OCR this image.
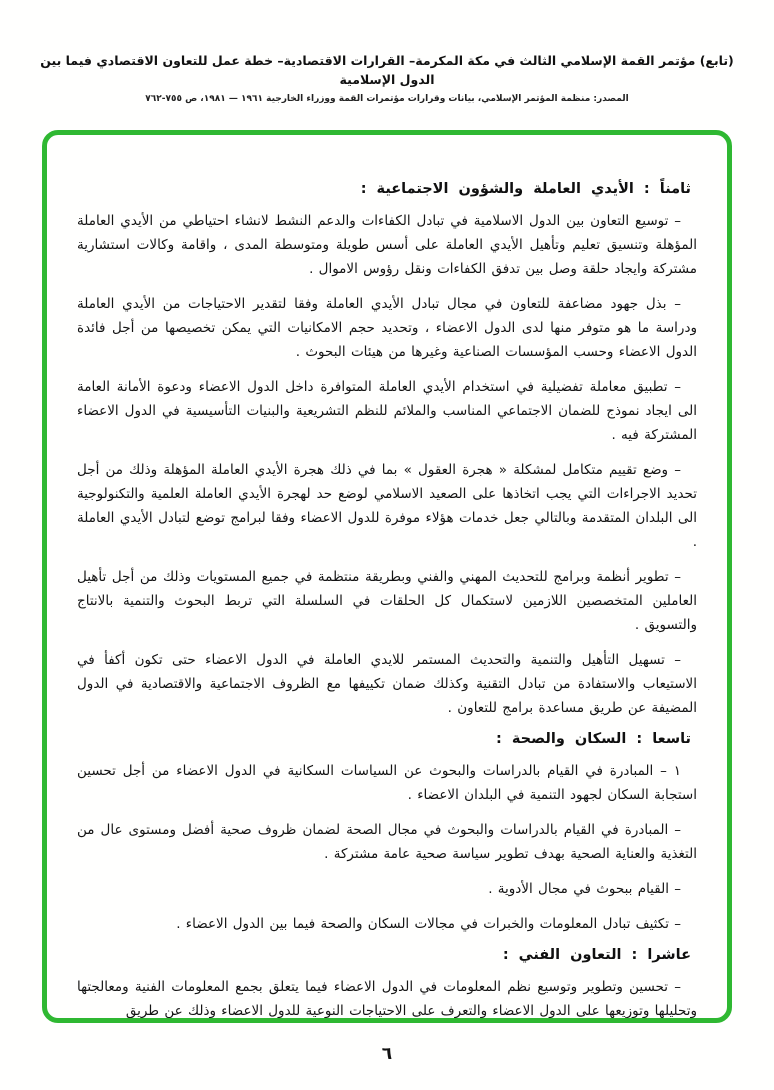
(تابع) مؤتمر القمة الإسلامي الثالث في مكة المكرمة– القرارات الاقتصادية– خطة عمل للتعاون الاقتصادي فيما بين الدول الإسلامية
المصدر: منظمة المؤتمر الإسلامي، بيانات وقرارات مؤتمرات القمة ووزراء الخارجية ١٩٦١ — ١٩٨١، ص ٧٥٥-٧٦٢
ثامناً : الأيدي العاملة والشؤون الاجتماعية :

– توسيع التعاون بين الدول الاسلامية في تبادل الكفاءات والدعم النشط لانشاء احتياطي من الأيدي العاملة المؤهلة وتنسيق تعليم وتأهيل الأيدي العاملة على أسس طويلة ومتوسطة المدى ، واقامة وكالات استشارية مشتركة وايجاد حلقة وصل بين تدفق الكفاءات ونقل رؤوس الاموال .

– بذل جهود مضاعفة للتعاون في مجال تبادل الأيدي العاملة وفقا لتقدير الاحتياجات من الأيدي العاملة ودراسة ما هو متوفر منها لدى الدول الاعضاء ، وتحديد حجم الامكانيات التي يمكن تخصيصها من أجل فائدة الدول الاعضاء وحسب المؤسسات الصناعية وغيرها من هيئات البحوث .

– تطبيق معاملة تفضيلية في استخدام الأيدي العاملة المتوافرة داخل الدول الاعضاء ودعوة الأمانة العامة الى ايجاد نموذج للضمان الاجتماعي المناسب والملائم للنظم التشريعية والبنيات التأسيسية في الدول الاعضاء المشتركة فيه .

– وضع تقييم متكامل لمشكلة « هجرة العقول » بما في ذلك هجرة الأيدي العاملة المؤهلة وذلك من أجل تحديد الاجراءات التي يجب اتخاذها على الصعيد الاسلامي لوضع حد لهجرة الأيدي العاملة العلمية والتكنولوجية الى البلدان المتقدمة وبالتالي جعل خدمات هؤلاء موفرة للدول الاعضاء وفقا لبرامج توضع لتبادل الأيدي العاملة .

– تطوير أنظمة وبرامج للتحديث المهني والفني وبطريقة منتظمة في جميع المستويات وذلك من أجل تأهيل العاملين المتخصصين اللازمين لاستكمال كل الحلقات في السلسلة التي تربط البحوث والتنمية بالانتاج والتسويق .

– تسهيل التأهيل والتنمية والتحديث المستمر للايدي العاملة في الدول الاعضاء حتى تكون أكفأ في الاستيعاب والاستفادة من تبادل التقنية وكذلك ضمان تكييفها مع الظروف الاجتماعية والاقتصادية في الدول المضيفة عن طريق مساعدة برامج للتعاون .

تاسعا : السكان والصحة :

١ – المبادرة في القيام بالدراسات والبحوث عن السياسات السكانية في الدول الاعضاء من أجل تحسين استجابة السكان لجهود التنمية في البلدان الاعضاء .

– المبادرة في القيام بالدراسات والبحوث في مجال الصحة لضمان ظروف صحية أفضل ومستوى عال من التغذية والعناية الصحية بهدف تطوير سياسة صحية عامة مشتركة .

– القيام ببحوث في مجال الأدوية .

– تكثيف تبادل المعلومات والخبرات في مجالات السكان والصحة فيما بين الدول الاعضاء .

عاشرا : التعاون الفني :

– تحسين وتطوير وتوسيع نظم المعلومات في الدول الاعضاء فيما يتعلق بجمع المعلومات الفنية ومعالجتها وتحليلها وتوزيعها على الدول الاعضاء والتعرف على الاحتياجات النوعية للدول الاعضاء وذلك عن طريق

٦
